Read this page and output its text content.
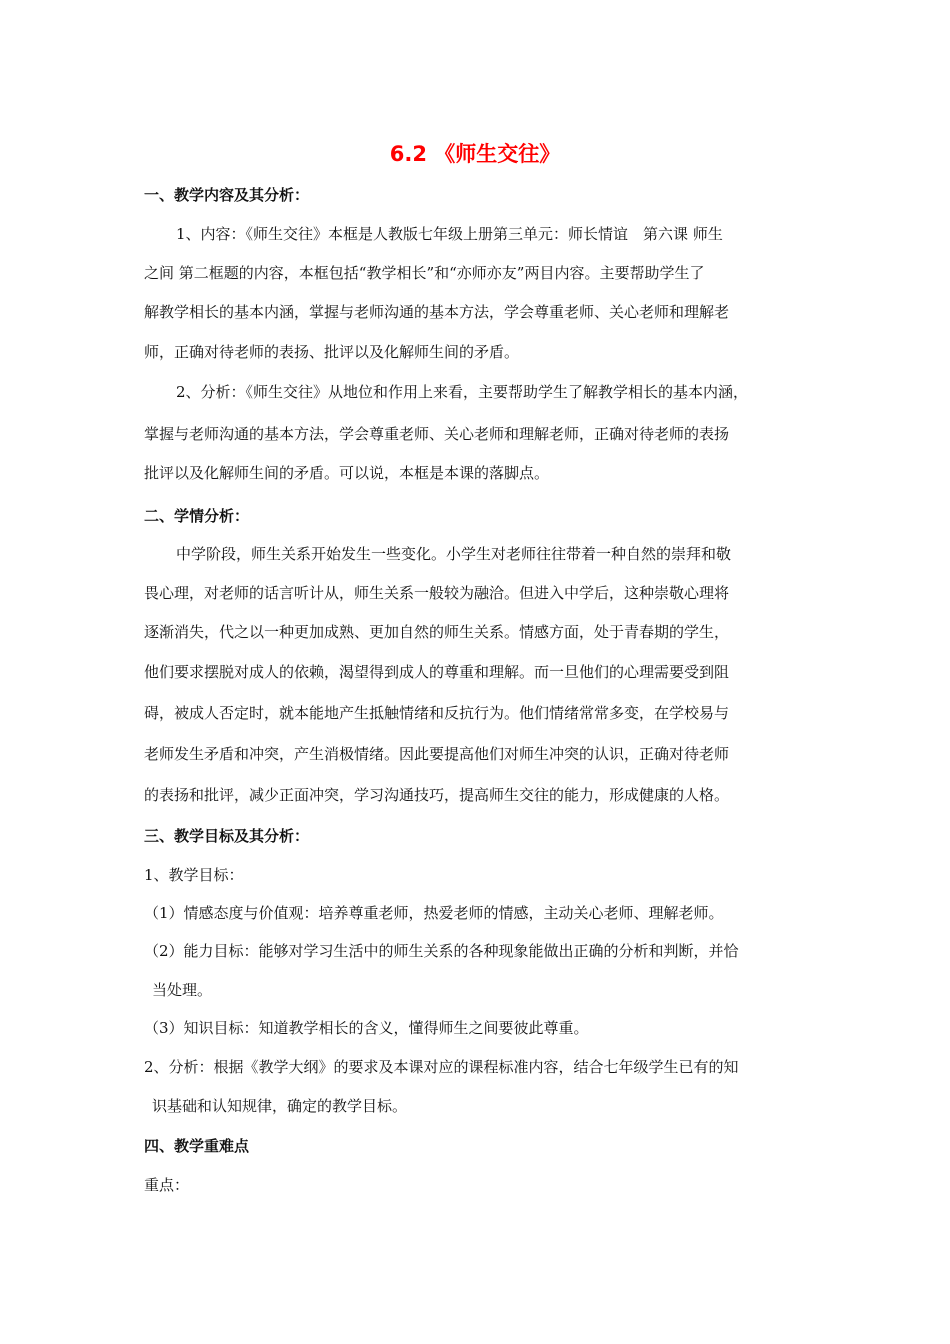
6.2 《师生交往》
一、教学内容及其分析：
1、内容：《师生交往》本框是人教版七年级上册第三单元：师长情谊　第六课 师生
之间 第二框题的内容，本框包括“教学相长”和“亦师亦友”两目内容。主要帮助学生了
解教学相长的基本内涵，掌握与老师沟通的基本方法，学会尊重老师、关心老师和理解老
师，正确对待老师的表扬、批评以及化解师生间的矛盾。
2、分析：《师生交往》从地位和作用上来看，主要帮助学生了解教学相长的基本内涵，
掌握与老师沟通的基本方法，学会尊重老师、关心老师和理解老师，正确对待老师的表扬
批评以及化解师生间的矛盾。可以说，本框是本课的落脚点。
二、学情分析：
中学阶段，师生关系开始发生一些变化。小学生对老师往往带着一种自然的崇拜和敬
畏心理，对老师的话言听计从，师生关系一般较为融洽。但进入中学后，这种崇敬心理将
逐渐消失，代之以一种更加成熟、更加自然的师生关系。情感方面，处于青春期的学生，
他们要求摆脱对成人的依赖，渴望得到成人的尊重和理解。而一旦他们的心理需要受到阻
碍，被成人否定时，就本能地产生抵触情绪和反抗行为。他们情绪常常多变，在学校易与
老师发生矛盾和冲突，产生消极情绪。因此要提高他们对师生冲突的认识，正确对待老师
的表扬和批评，减少正面冲突，学习沟通技巧，提高师生交往的能力，形成健康的人格。
三、教学目标及其分析：
1、教学目标：
（1）情感态度与价值观：培养尊重老师，热爱老师的情感，主动关心老师、理解老师。
（2）能力目标：能够对学习生活中的师生关系的各种现象能做出正确的分析和判断，并恰
当处理。
（3）知识目标：知道教学相长的含义，懂得师生之间要彼此尊重。
2、分析：根据《教学大纲》的要求及本课对应的课程标准内容，结合七年级学生已有的知
识基础和认知规律，确定的教学目标。
四、教学重难点
重点：
